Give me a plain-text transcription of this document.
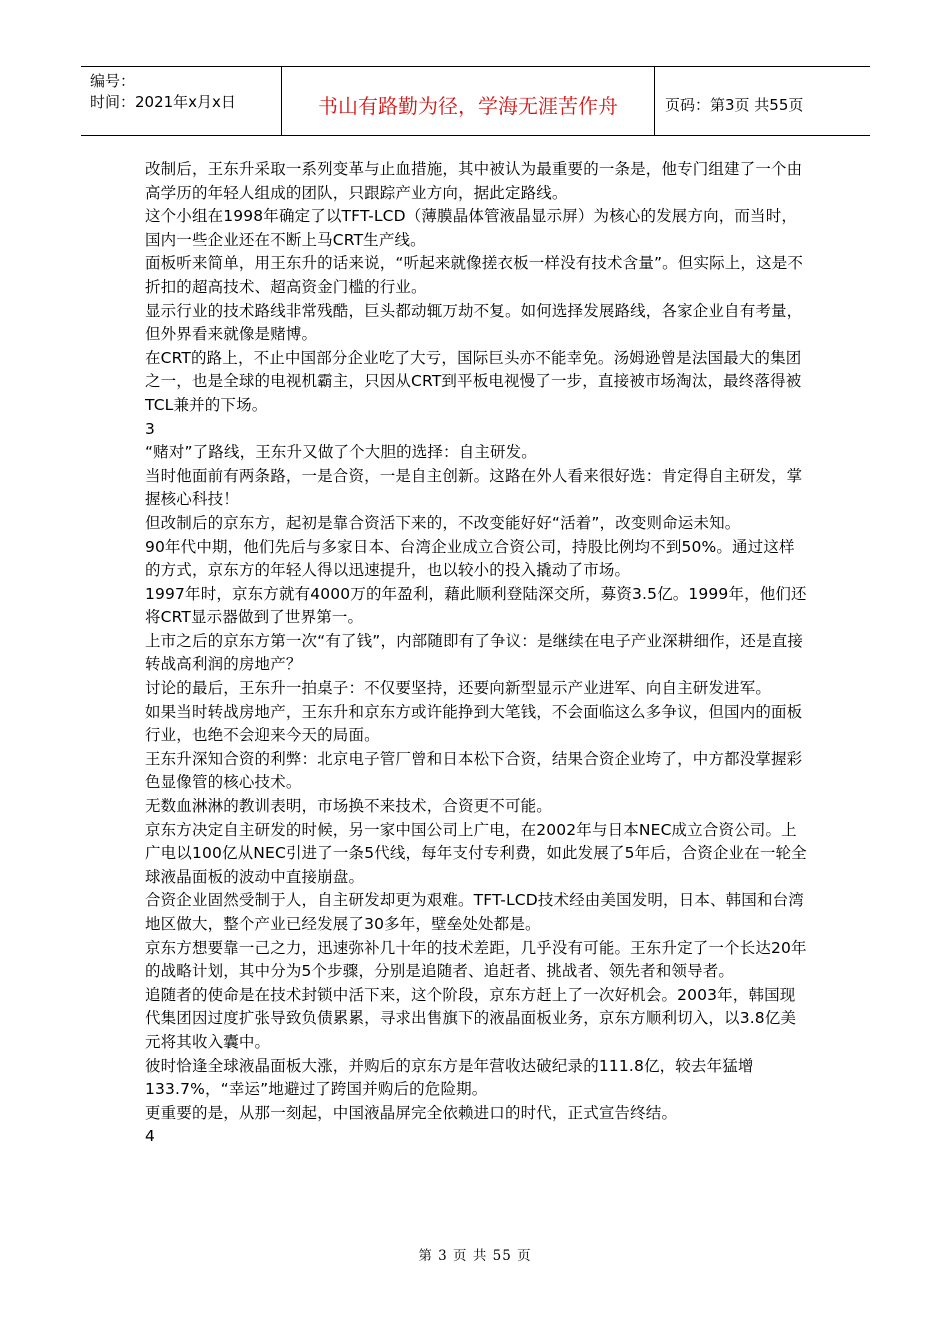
编号：
时间：2021年x月x日	书山有路勤为径，学海无涯苦作舟	页码：第3页 共55页

改制后，王东升采取一系列变革与止血措施，其中被认为最重要的一条是，他专门组建了一个由高学历的年轻人组成的团队，只跟踪产业方向，据此定路线。

这个小组在1998年确定了以TFT-LCD（薄膜晶体管液晶显示屏）为核心的发展方向，而当时，国内一些企业还在不断上马CRT生产线。

面板听来简单，用王东升的话来说，“听起来就像搓衣板一样没有技术含量”。但实际上，这是不折扣的超高技术、超高资金门槛的行业。

显示行业的技术路线非常残酷，巨头都动辄万劫不复。如何选择发展路线，各家企业自有考量，但外界看来就像是赌博。

在CRT的路上，不止中国部分企业吃了大亏，国际巨头亦不能幸免。汤姆逊曾是法国最大的集团之一，也是全球的电视机霸主，只因从CRT到平板电视慢了一步，直接被市场淘汰，最终落得被TCL兼并的下场。

3

“赌对”了路线，王东升又做了个大胆的选择：自主研发。

当时他面前有两条路，一是合资，一是自主创新。这路在外人看来很好选：肯定得自主研发，掌握核心科技！

但改制后的京东方，起初是靠合资活下来的，不改变能好好“活着”，改变则命运未知。

90年代中期，他们先后与多家日本、台湾企业成立合资公司，持股比例均不到50%。通过这样的方式，京东方的年轻人得以迅速提升，也以较小的投入撬动了市场。

1997年时，京东方就有4000万的年盈利，藉此顺利登陆深交所，募资3.5亿。1999年，他们还将CRT显示器做到了世界第一。

上市之后的京东方第一次“有了钱”，内部随即有了争议：是继续在电子产业深耕细作，还是直接转战高利润的房地产？

讨论的最后，王东升一拍桌子：不仅要坚持，还要向新型显示产业进军、向自主研发进军。

如果当时转战房地产，王东升和京东方或许能挣到大笔钱，不会面临这么多争议，但国内的面板行业，也绝不会迎来今天的局面。

王东升深知合资的利弊：北京电子管厂曾和日本松下合资，结果合资企业垮了，中方都没掌握彩色显像管的核心技术。

无数血淋淋的教训表明，市场换不来技术，合资更不可能。

京东方决定自主研发的时候，另一家中国公司上广电，在2002年与日本NEC成立合资公司。上广电以100亿从NEC引进了一条5代线，每年支付专利费，如此发展了5年后，合资企业在一轮全球液晶面板的波动中直接崩盘。

合资企业固然受制于人，自主研发却更为艰难。TFT-LCD技术经由美国发明，日本、韩国和台湾地区做大，整个产业已经发展了30多年，壁垒处处都是。

京东方想要靠一己之力，迅速弥补几十年的技术差距，几乎没有可能。王东升定了一个长达20年的战略计划，其中分为5个步骤，分别是追随者、追赶者、挑战者、领先者和领导者。

追随者的使命是在技术封锁中活下来，这个阶段，京东方赶上了一次好机会。2003年，韩国现代集团因过度扩张导致负债累累，寻求出售旗下的液晶面板业务，京东方顺利切入，以3.8亿美元将其收入囊中。

彼时恰逢全球液晶面板大涨，并购后的京东方是年营收达破纪录的111.8亿，较去年猛增133.7%，“幸运”地避过了跨国并购后的危险期。

更重要的是，从那一刻起，中国液晶屏完全依赖进口的时代，正式宣告终结。

4

第 3 页 共 55 页
